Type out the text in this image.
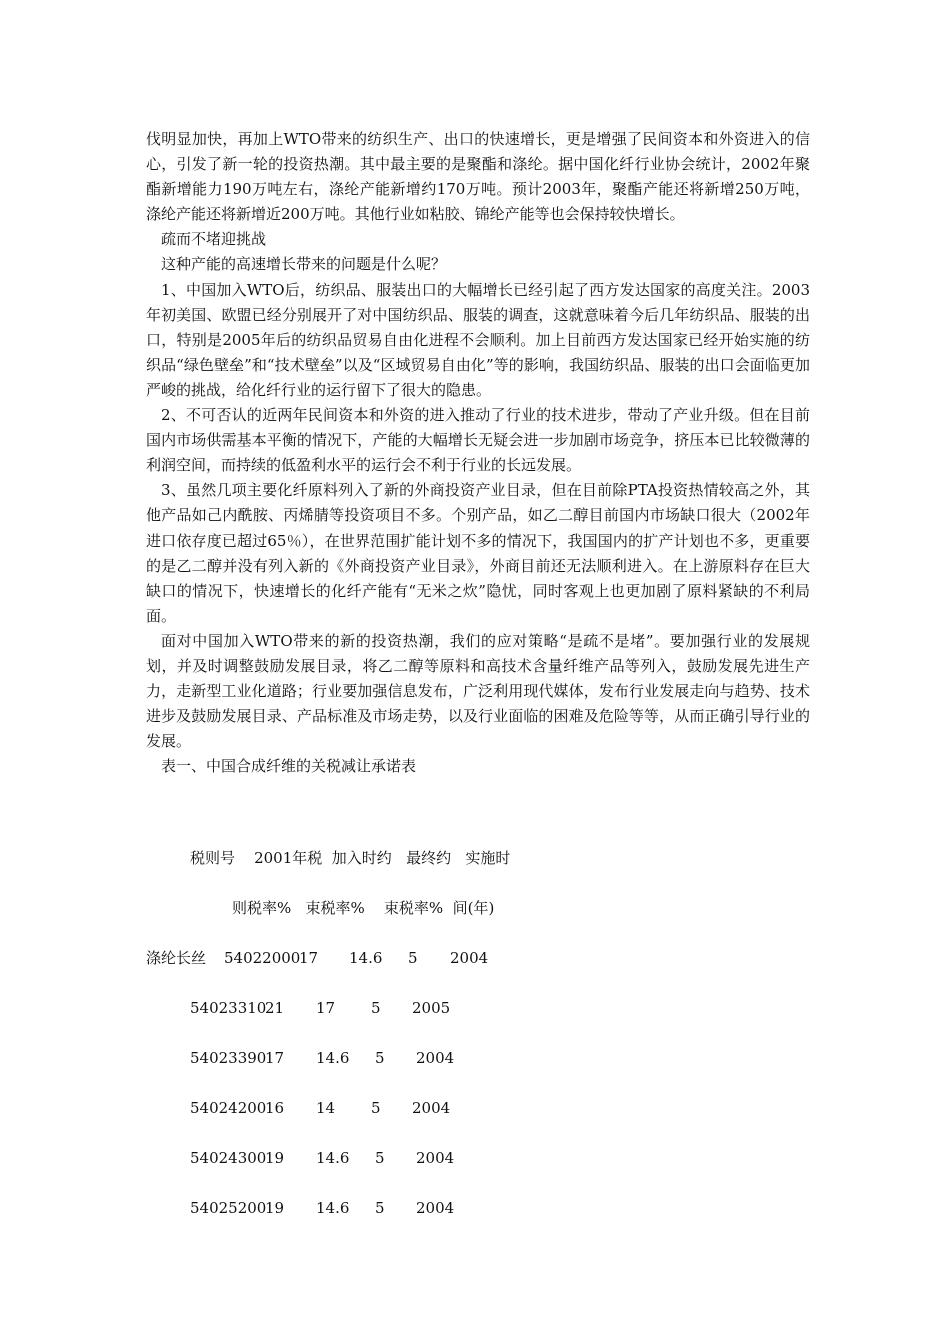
伐明显加快，再加上WTO带来的纺织生产、出口的快速增长，更是增强了民间资本和外资进入的信心，引发了新一轮的投资热潮。其中最主要的是聚酯和涤纶。据中国化纤行业协会统计，2002年聚酯新增能力190万吨左右，涤纶产能新增约170万吨。预计2003年，聚酯产能还将新增250万吨，涤纶产能还将新增近200万吨。其他行业如粘胶、锦纶产能等也会保持较快增长。

疏而不堵迎挑战

这种产能的高速增长带来的问题是什么呢？

1、中国加入WTO后，纺织品、服装出口的大幅增长已经引起了西方发达国家的高度关注。2003年初美国、欧盟已经分别展开了对中国纺织品、服装的调查，这就意味着今后几年纺织品、服装的出口，特别是2005年后的纺织品贸易自由化进程不会顺利。加上目前西方发达国家已经开始实施的纺织品“绿色壁垒”和“技术壁垒”以及“区域贸易自由化”等的影响，我国纺织品、服装的出口会面临更加严峻的挑战，给化纤行业的运行留下了很大的隐患。

2、不可否认的近两年民间资本和外资的进入推动了行业的技术进步，带动了产业升级。但在目前国内市场供需基本平衡的情况下，产能的大幅增长无疑会进一步加剧市场竞争，挤压本已比较微薄的利润空间，而持续的低盈利水平的运行会不利于行业的长远发展。

3、虽然几项主要化纤原料列入了新的外商投资产业目录，但在目前除PTA投资热情较高之外，其他产品如己内酰胺、丙烯腈等投资项目不多。个别产品，如乙二醇目前国内市场缺口很大（2002年进口依存度已超过65％），在世界范围扩能计划不多的情况下，我国国内的扩产计划也不多，更重要的是乙二醇并没有列入新的《外商投资产业目录》，外商目前还无法顺利进入。在上游原料存在巨大缺口的情况下，快速增长的化纤产能有“无米之炊”隐忧，同时客观上也更加剧了原料紧缺的不利局面。

面对中国加入WTO带来的新的投资热潮，我们的应对策略“是疏不是堵”。要加强行业的发展规划，并及时调整鼓励发展目录，将乙二醇等原料和高技术含量纤维产品等列入，鼓励发展先进生产力，走新型工业化道路；行业要加强信息发布，广泛利用现代媒体，发布行业发展走向与趋势、技术进步及鼓励发展目录、产品标准及市场走势，以及行业面临的困难及危险等等，从而正确引导行业的发展。

表一、中国合成纤维的关税减让承诺表

税则号    2001年税  加入时约   最终约   实施时
则税率%   束税率%    束税率%  间(年)
涤纶长丝 54022000
17 14.6 5 2004
54023310
21 17 5 2005
54023390
17 14.6 5 2004
54024200
16 14 5 2004
54024300
19 14.6 5 2004
54025200
19 14.6 5 2004
